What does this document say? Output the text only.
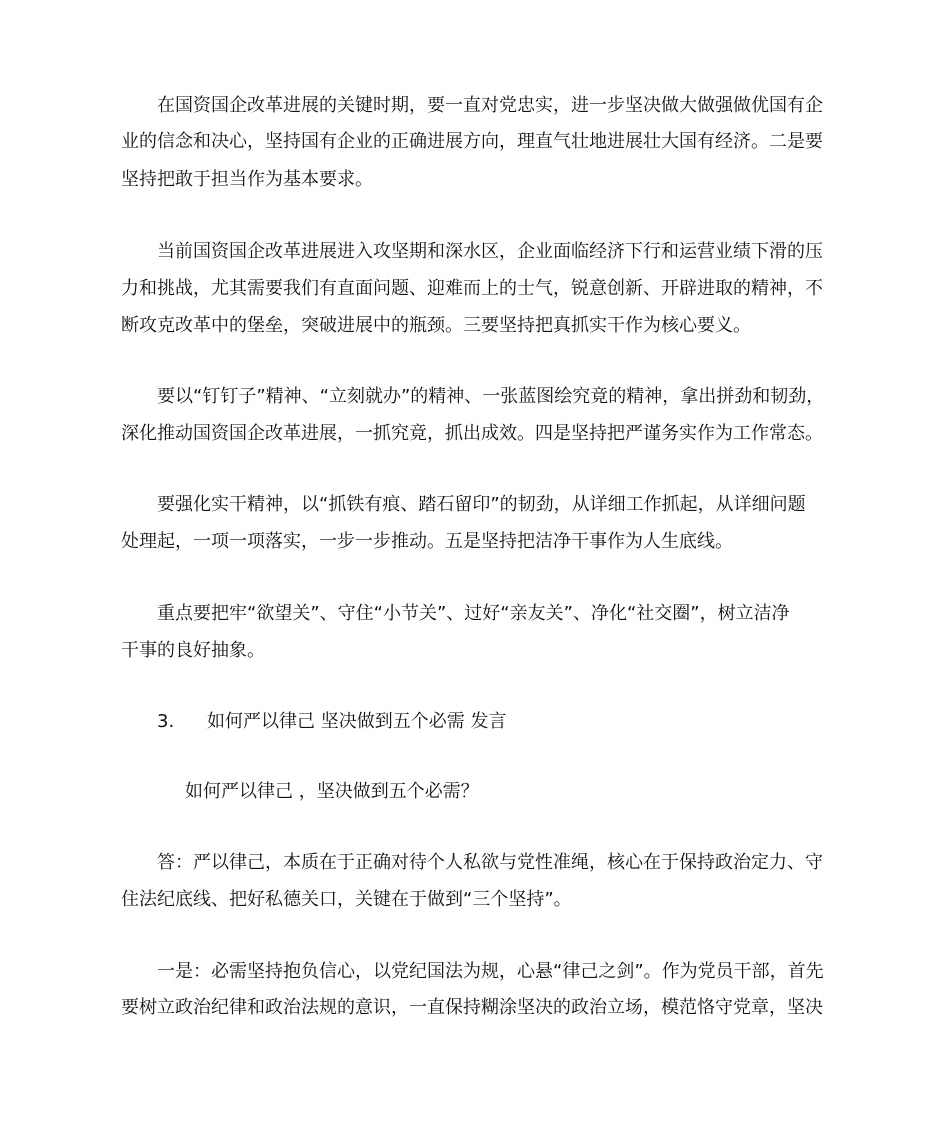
在国资国企改革进展的关键时期，要一直对党忠实，进一步坚决做大做强做优国有企
业的信念和决心，坚持国有企业的正确进展方向，理直气壮地进展壮大国有经济。二是要
坚持把敢于担当作为基本要求。
当前国资国企改革进展进入攻坚期和深水区，企业面临经济下行和运营业绩下滑的压
力和挑战，尤其需要我们有直面问题、迎难而上的士气，锐意创新、开辟进取的精神，不
断攻克改革中的堡垒，突破进展中的瓶颈。三要坚持把真抓实干作为核心要义。
要以“钉钉子”精神、“立刻就办”的精神、一张蓝图绘究竟的精神，拿出拼劲和韧劲，
深化推动国资国企改革进展，一抓究竟，抓出成效。四是坚持把严谨务实作为工作常态。
要强化实干精神，以“抓铁有痕、踏石留印”的韧劲，从详细工作抓起，从详细问题
处理起，一项一项落实，一步一步推动。五是坚持把洁净干事作为人生底线。
重点要把牢“欲望关”、守住“小节关”、过好“亲友关”、净化“社交圈”，树立洁净
干事的良好抽象。
3. 如何严以律己 坚决做到五个必需 发言
如何严以律己 ，坚决做到五个必需？
答：严以律己，本质在于正确对待个人私欲与党性准绳，核心在于保持政治定力、守
住法纪底线、把好私德关口，关键在于做到“三个坚持”。
一是：必需坚持抱负信心，以党纪国法为规，心悬“律己之剑”。作为党员干部，首先
要树立政治纪律和政治法规的意识，一直保持糊涂坚决的政治立场，模范恪守党章，坚决
